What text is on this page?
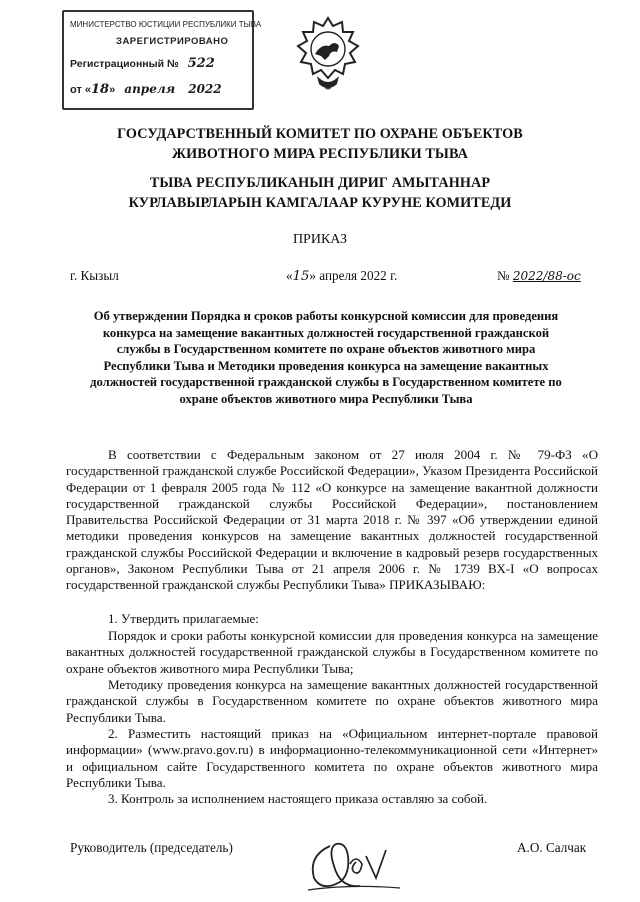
МИНИСТЕРСТВО ЮСТИЦИИ РЕСПУБЛИКИ ТЫВА
ЗАРЕГИСТРИРОВАНО
Регистрационный № 522
от «18» апреля 2022
ГОСУДАРСТВЕННЫЙ КОМИТЕТ ПО ОХРАНЕ ОБЪЕКТОВ
ЖИВОТНОГО МИРА РЕСПУБЛИКИ ТЫВА
ТЫВА РЕСПУБЛИКАНЫН ДИРИГ АМЫТАННАР
КУРЛАВЫРЛАРЫН КАМГАЛААР КУРУНЕ КОМИТЕДИ
ПРИКАЗ
г. Кызыл	«15» апреля 2022 г.	№ 2022/88-ос
Об утверждении Порядка и сроков работы конкурсной комиссии для проведения конкурса на замещение вакантных должностей государственной гражданской службы в Государственном комитете по охране объектов животного мира Республики Тыва и Методики проведения конкурса на замещение вакантных должностей государственной гражданской службы в Государственном комитете по охране объектов животного мира Республики Тыва
В соответствии с Федеральным законом от 27 июля 2004 г. № 79-ФЗ «О государственной гражданской службе Российской Федерации», Указом Президента Российской Федерации от 1 февраля 2005 года № 112 «О конкурсе на замещение вакантной должности государственной гражданской службы Российской Федерации», постановлением Правительства Российской Федерации от 31 марта 2018 г. № 397 «Об утверждении единой методики проведения конкурсов на замещение вакантных должностей государственной гражданской службы Российской Федерации и включение в кадровый резерв государственных органов», Законом Республики Тыва от 21 апреля 2006 г. № 1739 ВХ-I «О вопросах государственной гражданской службы Республики Тыва» ПРИКАЗЫВАЮ:
1. Утвердить прилагаемые:
Порядок и сроки работы конкурсной комиссии для проведения конкурса на замещение вакантных должностей государственной гражданской службы в Государственном комитете по охране объектов животного мира Республики Тыва;
Методику проведения конкурса на замещение вакантных должностей государственной гражданской службы в Государственном комитете по охране объектов животного мира Республики Тыва.
2. Разместить настоящий приказ на «Официальном интернет-портале правовой информации» (www.pravo.gov.ru) в информационно-телекоммуникационной сети «Интернет» и официальном сайте Государственного комитета по охране объектов животного мира Республики Тыва.
3. Контроль за исполнением настоящего приказа оставляю за собой.
Руководитель (председатель)	А.О. Салчак
